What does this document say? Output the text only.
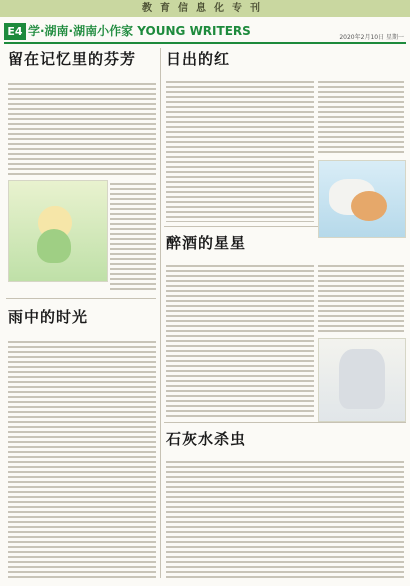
教育信息化专刊
E4 学·湖南·湖南小作家 YOUNG WRITERS	2020年2月10日 星期一
留在记忆里的芬芳 日出的红
雨中的时光
醉酒的星星
石灰水杀虫
